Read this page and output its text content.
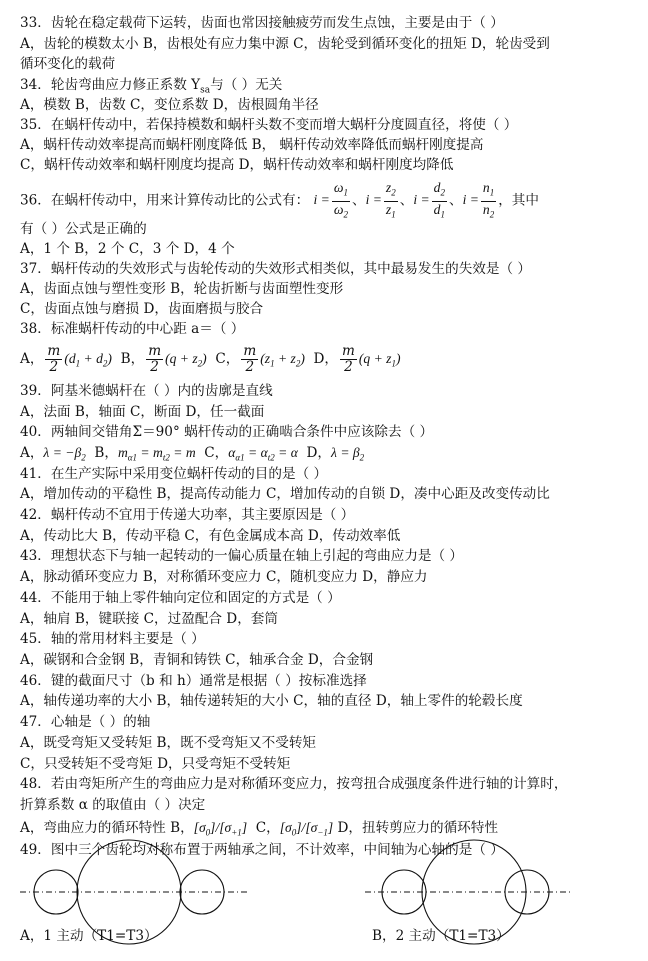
33．齿轮在稳定载荷下运转，齿面也常因接触疲劳而发生点蚀，主要是由于（ ）
A，齿轮的模数太小 B，齿根处有应力集中源 C，齿轮受到循环变化的扭矩 D，轮齿受到
循环变化的载荷
34．轮齿弯曲应力修正系数 $Y_{sa}$与（ ）无关
A，模数 B，齿数 C，变位系数 D，齿根圆角半径
35．在蜗杆传动中，若保持模数和蜗杆头数不变而增大蜗杆分度圆直径，将使（ ）
A，蜗杆传动效率提高而蜗杆刚度降低 B， 蜗杆传动效率降低而蜗杆刚度提高
C，蜗杆传动效率和蜗杆刚度均提高 D，蜗杆传动效率和蜗杆刚度均降低
36．在蜗杆传动中，用来计算传动比的公式有： $i = \frac{\omega_1}{\omega_2}$ 、$i = \frac{z_2}{z_1}$ 、$i = \frac{d_2}{d_1}$ 、$i = \frac{n_1}{n_2}$ ，其中
有（ ）公式是正确的
A，1 个 B，2 个 C，3 个 D，4 个
37．蜗杆传动的失效形式与齿轮传动的失效形式相类似，其中最易发生的失效是（ ）
A，齿面点蚀与塑性变形 B，轮齿折断与齿面塑性变形
C，齿面点蚀与磨损 D，齿面磨损与胶合
38．标准蜗杆传动的中心距 a＝（ ）
A， $\frac{m}{2} (d_1 + d_2)$  B， $\frac{m}{2} (q + z_2)$  C， $\frac{m}{2} (z_1 + z_2)$  D， $\frac{m}{2} (q + z_1)$
39．阿基米德蜗杆在（ ）内的齿廓是直线
A，法面 B，轴面 C，断面 D，任一截面
40．两轴间交错角Σ＝90° 蜗杆传动的正确啮合条件中应该除去（ ）
A，$\lambda = -\beta_2$  B，$m_{\alpha 1} = m_{t2} = m$  C，$\alpha_{\alpha 1} = \alpha_{t2} = \alpha$  D，$\lambda = \beta_2$
41．在生产实际中采用变位蜗杆传动的目的是（ ）
A，增加传动的平稳性 B，提高传动能力 C，增加传动的自锁 D，凑中心距及改变传动比
42．蜗杆传动不宜用于传递大功率，其主要原因是（ ）
A，传动比大 B，传动平稳 C，有色金属成本高 D，传动效率低
43．理想状态下与轴一起转动的一偏心质量在轴上引起的弯曲应力是（ ）
A，脉动循环变应力 B，对称循环变应力 C，随机变应力 D，静应力
44．不能用于轴上零件轴向定位和固定的方式是（ ）
A，轴肩 B，键联接 C，过盈配合 D，套筒
45．轴的常用材料主要是（ ）
A，碳钢和合金钢 B，青铜和铸铁 C，轴承合金 D，合金钢
46．键的截面尺寸（b 和 h）通常是根据（ ）按标准选择
A，轴传递功率的大小 B，轴传递转矩的大小 C，轴的直径 D，轴上零件的轮毂长度
47．心轴是（ ）的轴
A，既受弯矩又受转矩 B，既不受弯矩又不受转矩
C，只受转矩不受弯矩 D，只受弯矩不受转矩
48．若由弯矩所产生的弯曲应力是对称循环变应力，按弯扭合成强度条件进行轴的计算时，
折算系数 α 的取值由（ ）决定
A，弯曲应力的循环特性 B，$[\sigma_0]/[\sigma_{+1}]$  C，$[\sigma_0]/[\sigma_{-1}]$ D，扭转剪应力的循环特性
49．图中三个齿轮均对称布置于两轴承之间，不计效率，中间轴为心轴的是（ ）
A，1 主动（T1=T3）	B，2 主动（T1=T3）
